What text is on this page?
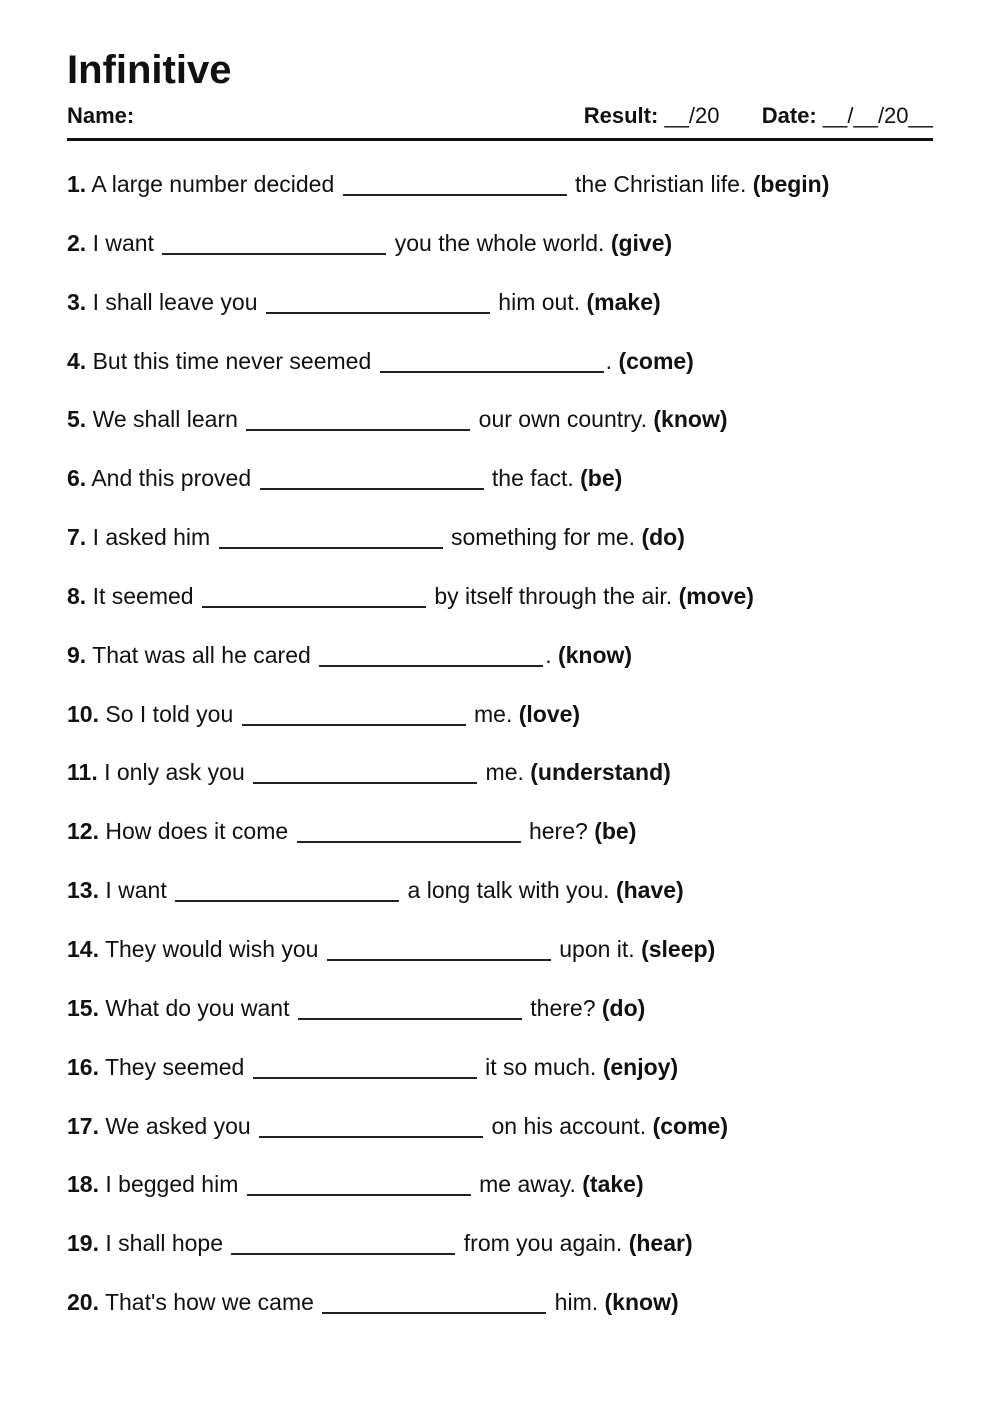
Infinitive
Name:	Result: __/20 Date: __/__/20__
1. A large number decided	the Christian life. (begin)
2. I want	you the whole world. (give)
3. I shall leave you	him out. (make)
4. But this time never seemed	. (come)
5. We shall learn	our own country. (know)
6. And this proved	the fact. (be)
7. I asked him	something for me. (do)
8. It seemed	by itself through the air. (move)
9. That was all he cared	. (know)
10. So I told you	me. (love)
11. I only ask you	me. (understand)
12. How does it come	here? (be)
13. I want	a long talk with you. (have)
14. They would wish you	upon it. (sleep)
15. What do you want	there? (do)
16. They seemed	it so much. (enjoy)
17. We asked you	on his account. (come)
18. I begged him	me away. (take)
19. I shall hope	from you again. (hear)
20. That's how we came	him. (know)
